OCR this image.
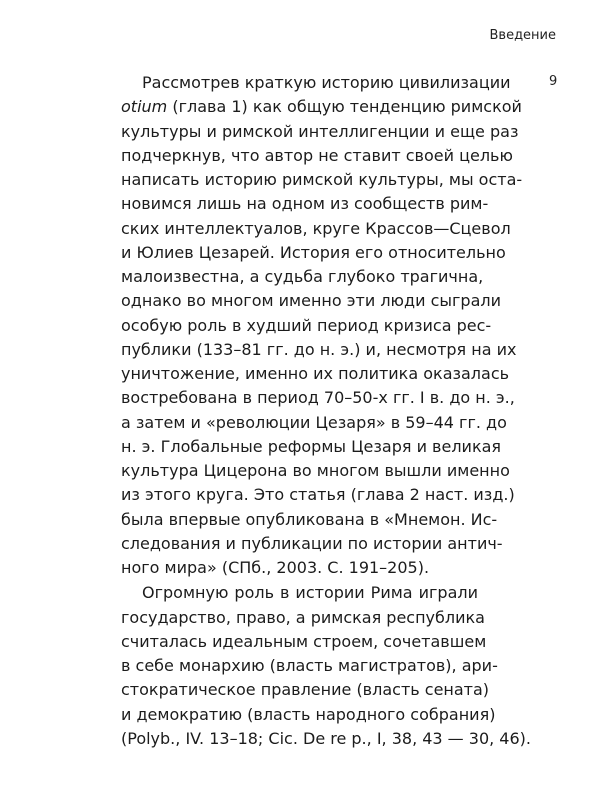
Введение
9
Рассмотрев краткую историю цивилизации
otium (глава 1) как общую тенденцию римской
культуры и римской интеллигенции и еще раз
подчеркнув, что автор не ставит своей целью
написать историю римской культуры, мы оста-
новимся лишь на одном из сообществ рим-
ских интеллектуалов, круге Крассов—Сцевол
и Юлиев Цезарей. История его относительно
малоизвестна, а судьба глубоко трагична,
однако во многом именно эти люди сыграли
особую роль в худший период кризиса рес-
публики (133–81 гг. до н. э.) и, несмотря на их
уничтожение, именно их политика оказалась
востребована в период 70–50-х гг. I в. до н. э.,
а затем и «революции Цезаря» в 59–44 гг. до
н. э. Глобальные реформы Цезаря и великая
культура Цицерона во многом вышли именно
из этого круга. Это статья (глава 2 наст. изд.)
была впервые опубликована в «Мнемон. Ис-
следования и публикации по истории антич-
ного мира» (СПб., 2003. С. 191–205).
Огромную роль в истории Рима играли
государство, право, а римская республика
считалась идеальным строем, сочетавшем
в себе монархию (власть магистратов), ари-
стократическое правление (власть сената)
и демократию (власть народного собрания)
(Polyb., IV. 13–18; Cic. De re p., I, 38, 43 — 30, 46).
